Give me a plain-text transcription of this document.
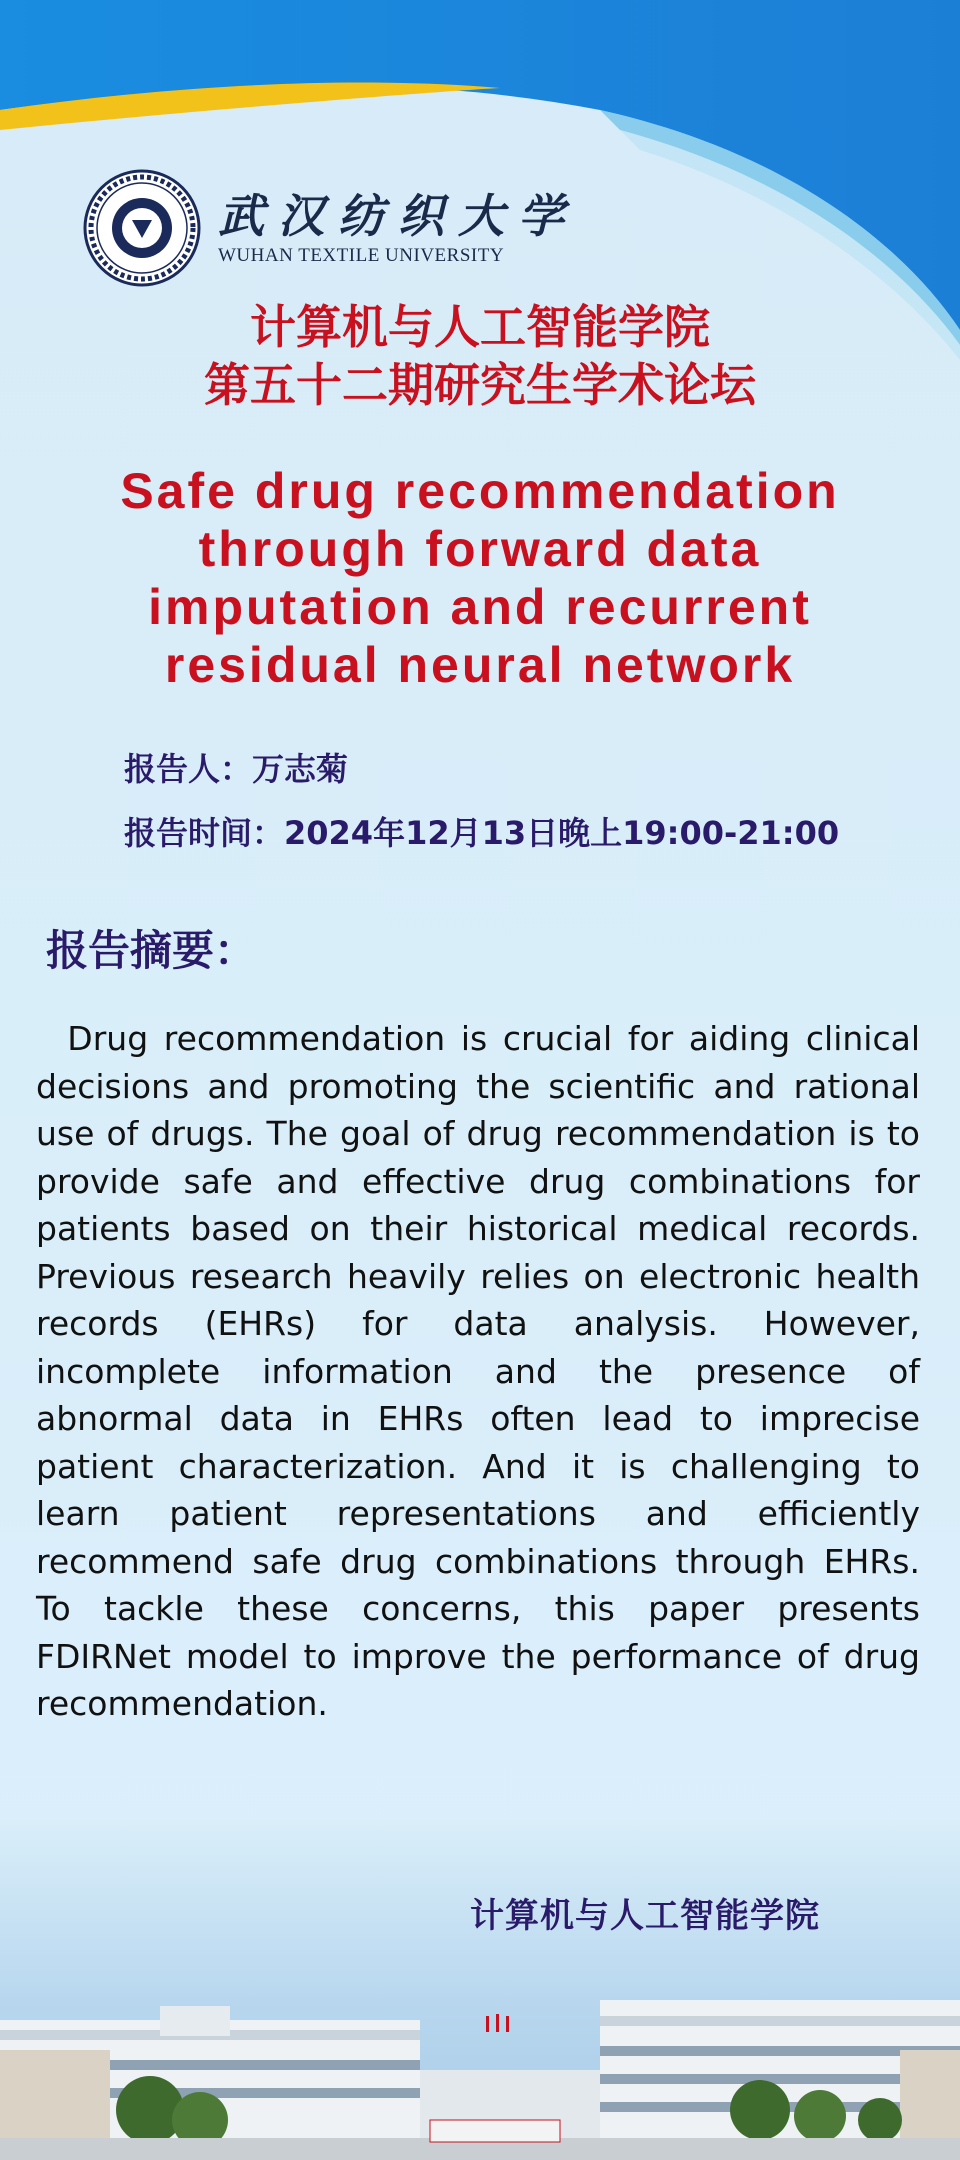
武汉纺织大学
WUHAN TEXTILE UNIVERSITY
计算机与人工智能学院
第五十二期研究生学术论坛
Safe drug recommendation
through forward data
imputation and recurrent
residual neural network
报告人：万志菊
报告时间：2024年12月13日晚上19:00-21:00
报告摘要：
Drug recommendation is crucial for aiding clinical decisions and promoting the scientific and rational use of drugs. The goal of drug recommendation is to provide safe and effective drug combinations for patients based on their historical medical records. Previous research heavily relies on electronic health records (EHRs) for data analysis. However, incomplete information and the presence of abnormal data in EHRs often lead to imprecise patient characterization. And it is challenging to learn patient representations and efficiently recommend safe drug combinations through EHRs. To tackle these concerns, this paper presents FDIRNet model to improve the performance of drug recommendation.
计算机与人工智能学院
